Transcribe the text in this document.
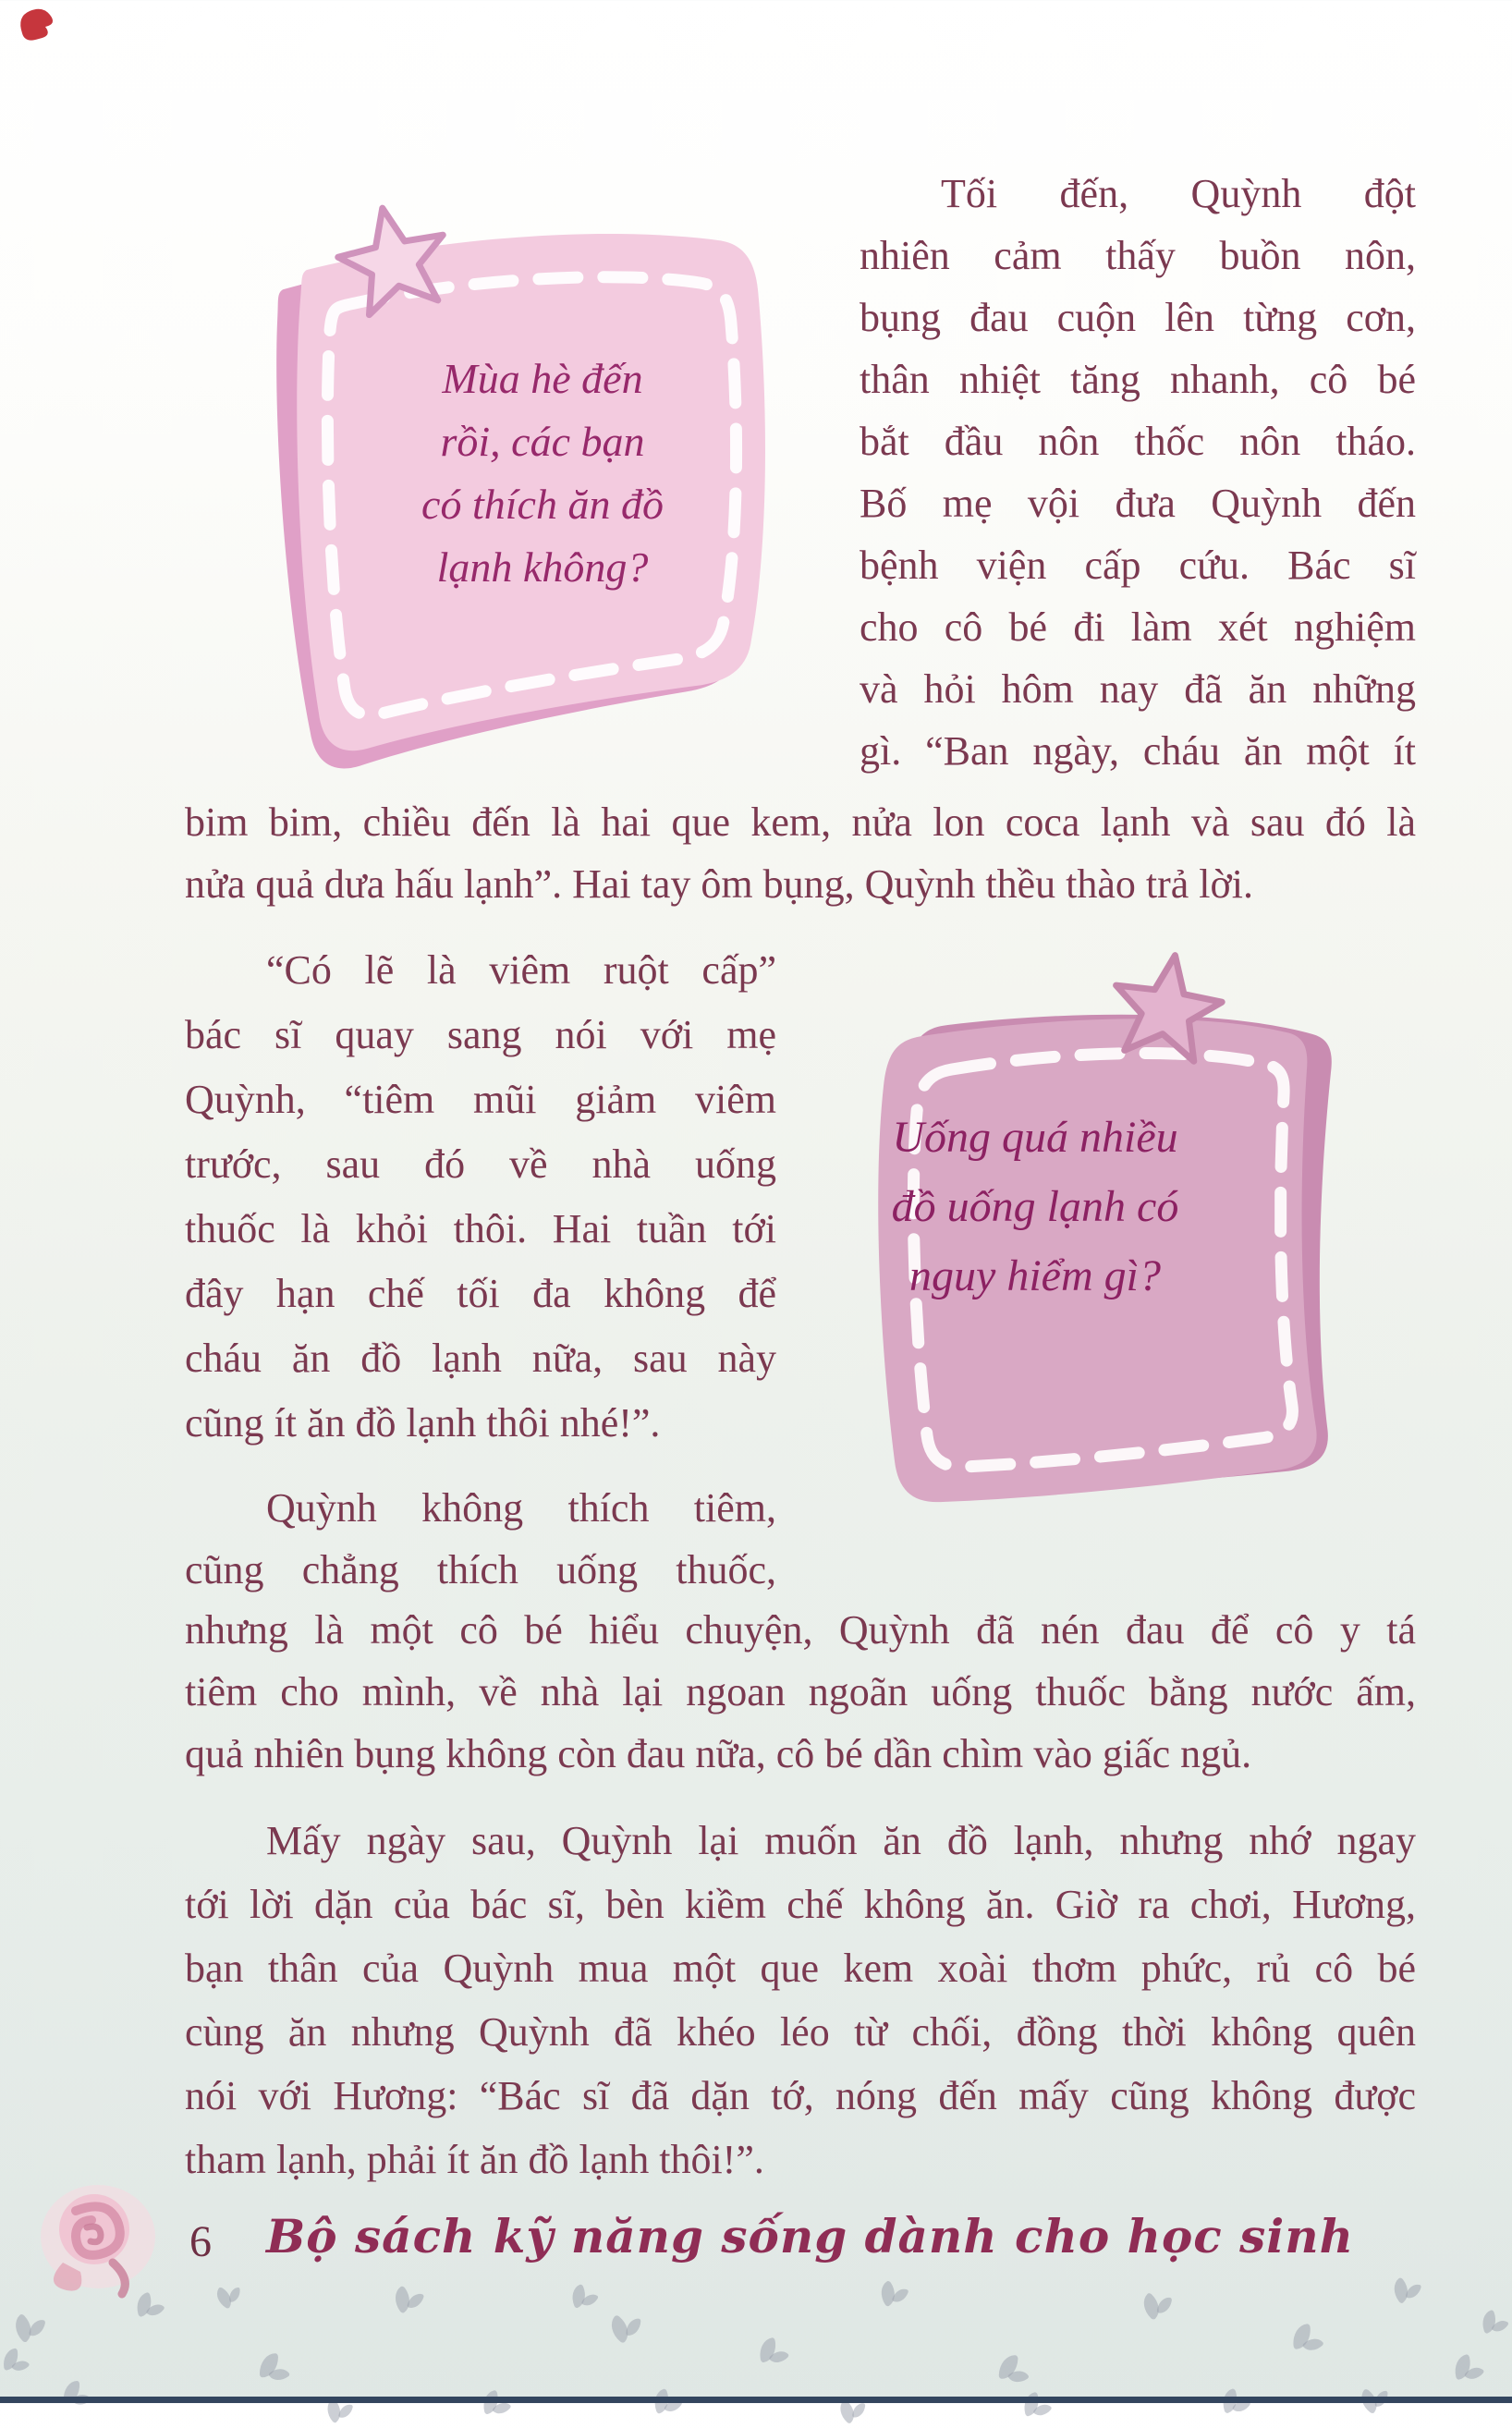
Mùa hè đến
rồi, các bạn
có thích ăn đồ
lạnh không?
Uống quá nhiều
đồ uống lạnh có
nguy hiểm gì?
Tối đến, Quỳnh đột
nhiên cảm thấy buồn nôn,
bụng đau cuộn lên từng cơn,
thân nhiệt tăng nhanh, cô bé
bắt đầu nôn thốc nôn tháo.
Bố mẹ vội đưa Quỳnh đến
bệnh viện cấp cứu. Bác sĩ
cho cô bé đi làm xét nghiệm
và hỏi hôm nay đã ăn những
gì. “Ban ngày, cháu ăn một ít
bim bim, chiều đến là hai que kem, nửa lon coca lạnh và sau đó là
nửa quả dưa hấu lạnh”. Hai tay ôm bụng, Quỳnh thều thào trả lời.
“Có lẽ là viêm ruột cấp”
bác sĩ quay sang nói với mẹ
Quỳnh, “tiêm mũi giảm viêm
trước, sau đó về nhà uống
thuốc là khỏi thôi. Hai tuần tới
đây hạn chế tối đa không để
cháu ăn đồ lạnh nữa, sau này
cũng ít ăn đồ lạnh thôi nhé!”.
Quỳnh không thích tiêm,
cũng chẳng thích uống thuốc,
nhưng là một cô bé hiểu chuyện, Quỳnh đã nén đau để cô y tá
tiêm cho mình, về nhà lại ngoan ngoãn uống thuốc bằng nước ấm,
quả nhiên bụng không còn đau nữa, cô bé dần chìm vào giấc ngủ.
Mấy ngày sau, Quỳnh lại muốn ăn đồ lạnh, nhưng nhớ ngay
tới lời dặn của bác sĩ, bèn kiềm chế không ăn. Giờ ra chơi, Hương,
bạn thân của Quỳnh mua một que kem xoài thơm phức, rủ cô bé
cùng ăn nhưng Quỳnh đã khéo léo từ chối, đồng thời không quên
nói với Hương: “Bác sĩ đã dặn tớ, nóng đến mấy cũng không được
tham lạnh, phải ít ăn đồ lạnh thôi!”.
6 Bộ sách kỹ năng sống dành cho học sinh
